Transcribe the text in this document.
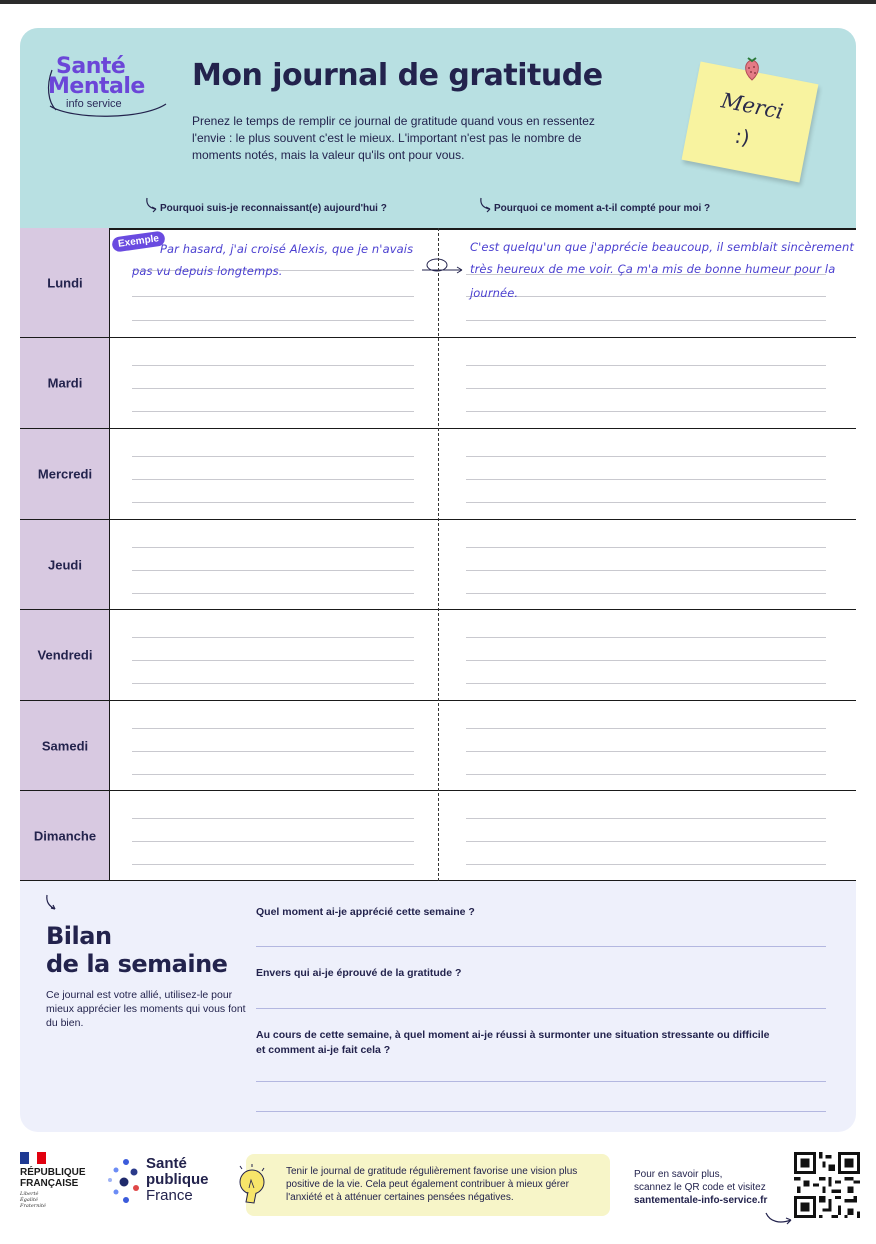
Santé
Mentale
info service
Mon journal de gratitude
Prenez le temps de remplir ce journal de gratitude quand vous en ressentez l'envie : le plus souvent c'est le mieux. L'important n'est pas le nombre de moments notés, mais la valeur qu'ils ont pour vous.
Merci
:)
Pourquoi suis-je reconnaissant(e) aujourd'hui ?	Pourquoi ce moment a-t-il compté pour moi ?
Lundi
Exemple Par hasard, j'ai croisé Alexis, que je n'avais
pas vu depuis longtemps.
C'est quelqu'un que j'apprécie beaucoup, il semblait sincèrement
très heureux de me voir. Ça m'a mis de bonne humeur pour la
journée.
Mardi
Mercredi
Jeudi
Vendredi
Samedi
Dimanche
Bilan
de la semaine
Ce journal est votre allié, utilisez-le pour mieux apprécier les moments qui vous font du bien.
Quel moment ai-je apprécié cette semaine ?
Envers qui ai-je éprouvé de la gratitude ?
Au cours de cette semaine, à quel moment ai-je réussi à surmonter une situation stressante ou difficile
et comment ai-je fait cela ?
RÉPUBLIQUE
FRANÇAISE
Liberté
Égalité
Fraternité
Santé
publique
France
Tenir le journal de gratitude régulièrement favorise une vision plus positive de la vie. Cela peut également contribuer à mieux gérer l'anxiété et à atténuer certaines pensées négatives.
Pour en savoir plus,
scannez le QR code et visitez
santementale-info-service.fr
